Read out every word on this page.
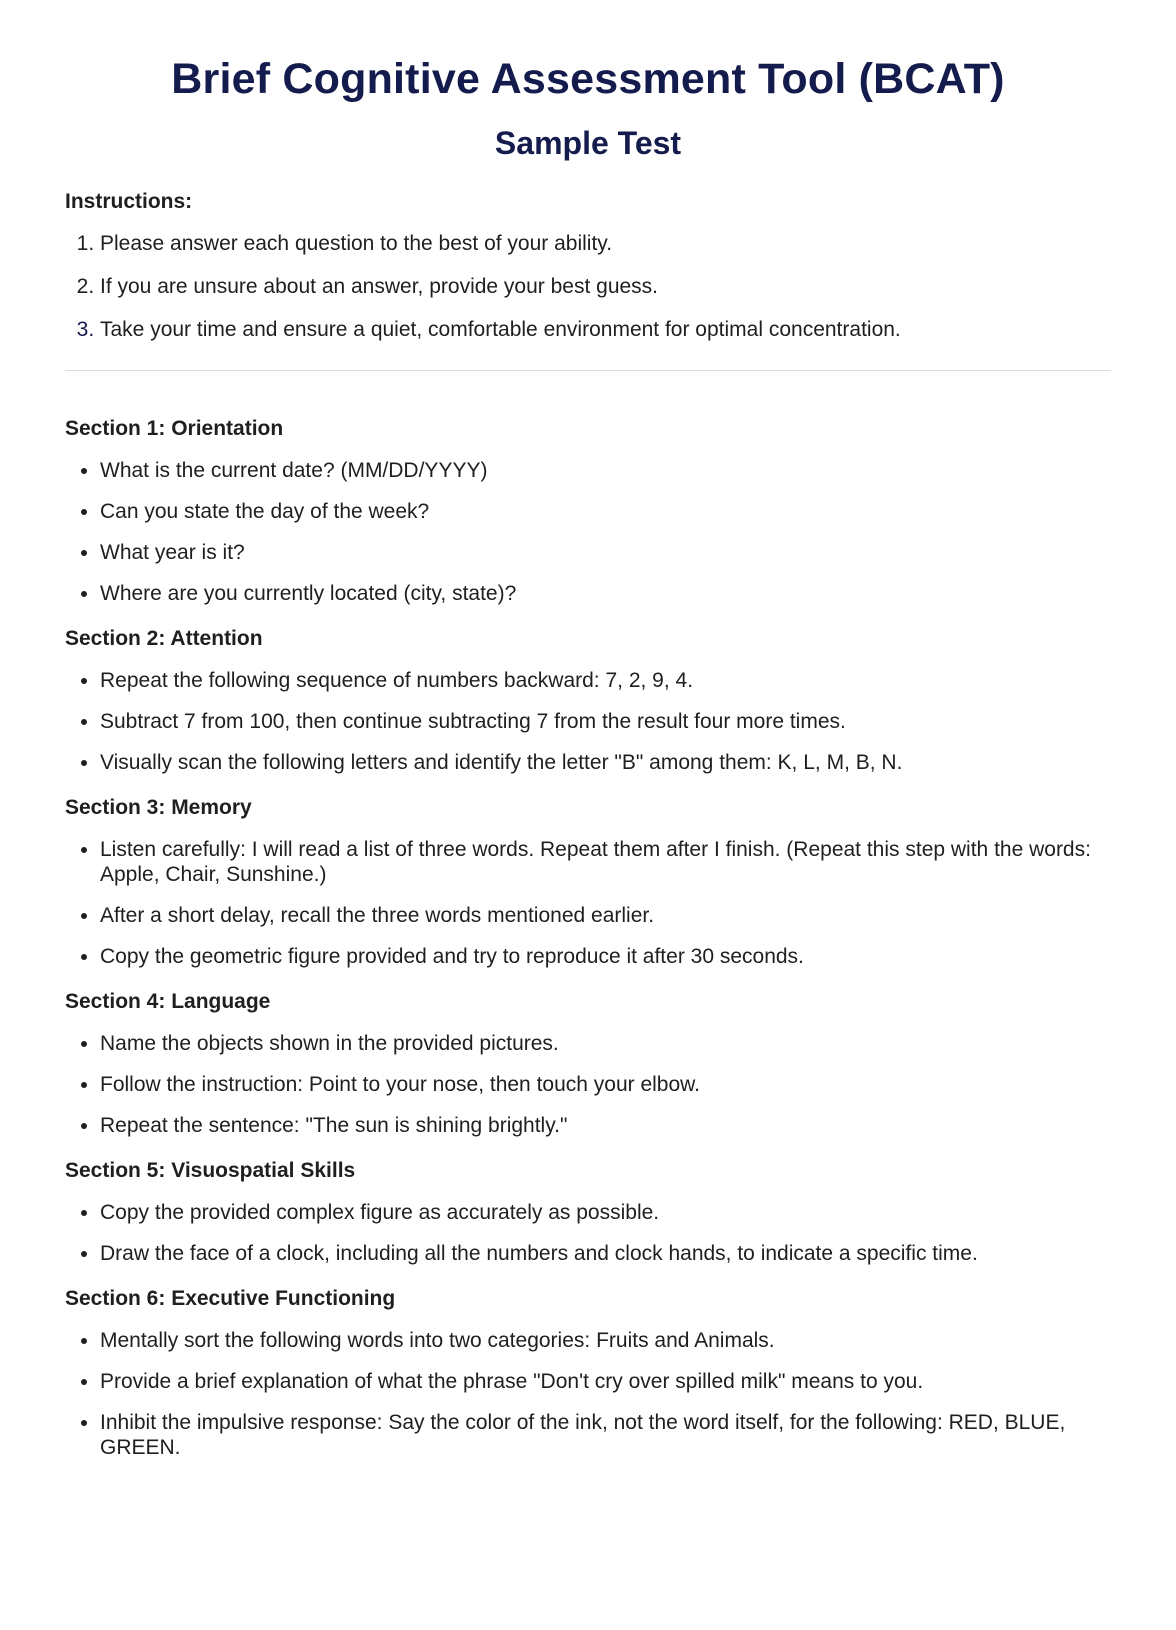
Brief Cognitive Assessment Tool (BCAT)
Sample Test
Instructions:
1. Please answer each question to the best of your ability.
2. If you are unsure about an answer, provide your best guess.
3. Take your time and ensure a quiet, comfortable environment for optimal concentration.
Section 1: Orientation
• What is the current date? (MM/DD/YYYY)
• Can you state the day of the week?
• What year is it?
• Where are you currently located (city, state)?
Section 2: Attention
• Repeat the following sequence of numbers backward: 7, 2, 9, 4.
• Subtract 7 from 100, then continue subtracting 7 from the result four more times.
• Visually scan the following letters and identify the letter "B" among them: K, L, M, B, N.
Section 3: Memory
• Listen carefully: I will read a list of three words. Repeat them after I finish. (Repeat this step with the words: Apple, Chair, Sunshine.)
• After a short delay, recall the three words mentioned earlier.
• Copy the geometric figure provided and try to reproduce it after 30 seconds.
Section 4: Language
• Name the objects shown in the provided pictures.
• Follow the instruction: Point to your nose, then touch your elbow.
• Repeat the sentence: "The sun is shining brightly."
Section 5: Visuospatial Skills
• Copy the provided complex figure as accurately as possible.
• Draw the face of a clock, including all the numbers and clock hands, to indicate a specific time.
Section 6: Executive Functioning
• Mentally sort the following words into two categories: Fruits and Animals.
• Provide a brief explanation of what the phrase "Don't cry over spilled milk" means to you.
• Inhibit the impulsive response: Say the color of the ink, not the word itself, for the following: RED, BLUE, GREEN.
